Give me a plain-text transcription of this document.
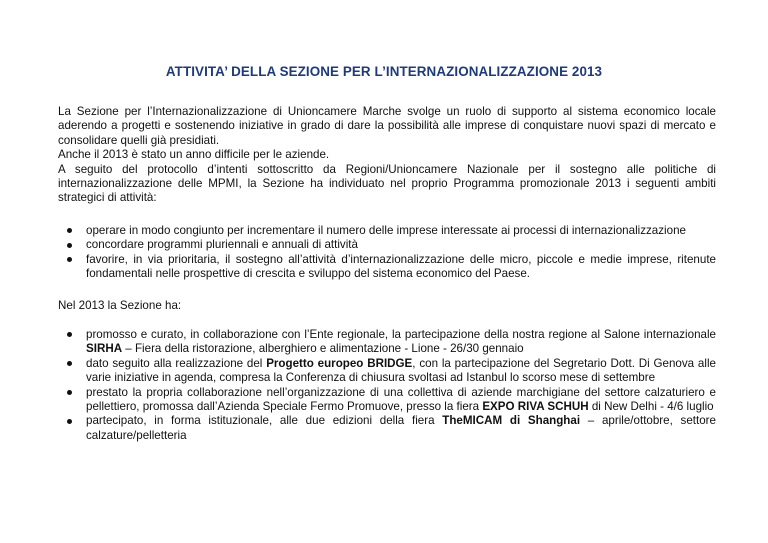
ATTIVITA’ DELLA SEZIONE PER L’INTERNAZIONALIZZAZIONE 2013

La Sezione per l’Internazionalizzazione di Unioncamere Marche svolge un ruolo di supporto al sistema economico locale aderendo a progetti e sostenendo iniziative in grado di dare la possibilità alle imprese di conquistare nuovi spazi di mercato e consolidare quelli già presidiati.

Anche il 2013 è stato un anno difficile per le aziende.

A seguito del protocollo d’intenti sottoscritto da Regioni/Unioncamere Nazionale per il sostegno alle politiche di internazionalizzazione delle MPMI, la Sezione ha individuato nel proprio Programma promozionale 2013 i seguenti ambiti strategici di attività:

operare in modo congiunto per incrementare il numero delle imprese interessate ai processi di internazionalizzazione
concordare programmi pluriennali e annuali di attività
favorire, in via prioritaria, il sostegno all’attività d’internazionalizzazione delle micro, piccole e medie imprese, ritenute fondamentali nelle prospettive di crescita e sviluppo del sistema economico del Paese.

Nel 2013 la Sezione ha:

promosso e curato, in collaborazione con l’Ente regionale, la partecipazione della nostra regione al Salone internazionale SIRHA – Fiera della ristorazione, alberghiero e alimentazione - Lione - 26/30 gennaio
dato seguito alla realizzazione del Progetto europeo BRIDGE, con la partecipazione del Segretario Dott. Di Genova alle varie iniziative in agenda, compresa la Conferenza di chiusura svoltasi ad Istanbul lo scorso mese di settembre
prestato la propria collaborazione nell’organizzazione di una collettiva di aziende marchigiane del settore calzaturiero e pellettiero, promossa dall’Azienda Speciale Fermo Promuove, presso la fiera EXPO RIVA SCHUH di New Delhi - 4/6 luglio
partecipato, in forma istituzionale, alle due edizioni della fiera TheMICAM di Shanghai – aprile/ottobre, settore calzature/pelletteria
